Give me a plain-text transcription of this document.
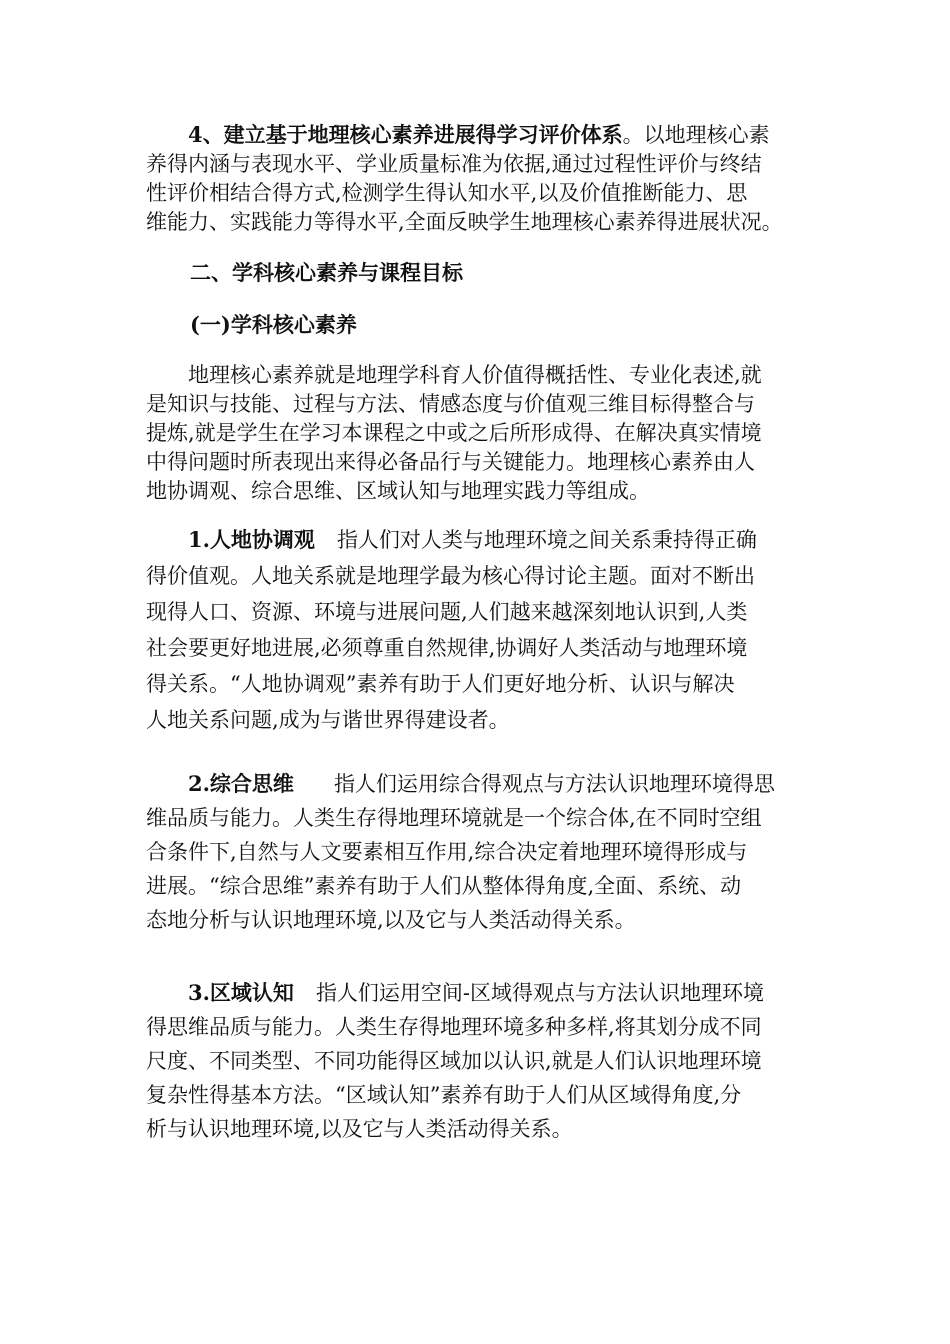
4、建立基于地理核心素养进展得学习评价体系。以地理核心素
养得内涵与表现水平、学业质量标准为依据,通过过程性评价与终结
性评价相结合得方式,检测学生得认知水平,以及价值推断能力、思
维能力、实践能力等得水平,全面反映学生地理核心素养得进展状况。
二、学科核心素养与课程目标
(一)学科核心素养
地理核心素养就是地理学科育人价值得概括性、专业化表述,就
是知识与技能、过程与方法、情感态度与价值观三维目标得整合与
提炼,就是学生在学习本课程之中或之后所形成得、在解决真实情境
中得问题时所表现出来得必备品行与关键能力。地理核心素养由人
地协调观、综合思维、区域认知与地理实践力等组成。
1.人地协调观 指人们对人类与地理环境之间关系秉持得正确
得价值观。人地关系就是地理学最为核心得讨论主题。面对不断出
现得人口、资源、环境与进展问题,人们越来越深刻地认识到,人类
社会要更好地进展,必须尊重自然规律,协调好人类活动与地理环境
得关系。“人地协调观”素养有助于人们更好地分析、认识与解决
人地关系问题,成为与谐世界得建设者。
2.综合思维 指人们运用综合得观点与方法认识地理环境得思
维品质与能力。人类生存得地理环境就是一个综合体,在不同时空组
合条件下,自然与人文要素相互作用,综合决定着地理环境得形成与
进展。“综合思维”素养有助于人们从整体得角度,全面、系统、动
态地分析与认识地理环境,以及它与人类活动得关系。
3.区域认知 指人们运用空间-区域得观点与方法认识地理环境
得思维品质与能力。人类生存得地理环境多种多样,将其划分成不同
尺度、不同类型、不同功能得区域加以认识,就是人们认识地理环境
复杂性得基本方法。“区域认知”素养有助于人们从区域得角度,分
析与认识地理环境,以及它与人类活动得关系。
